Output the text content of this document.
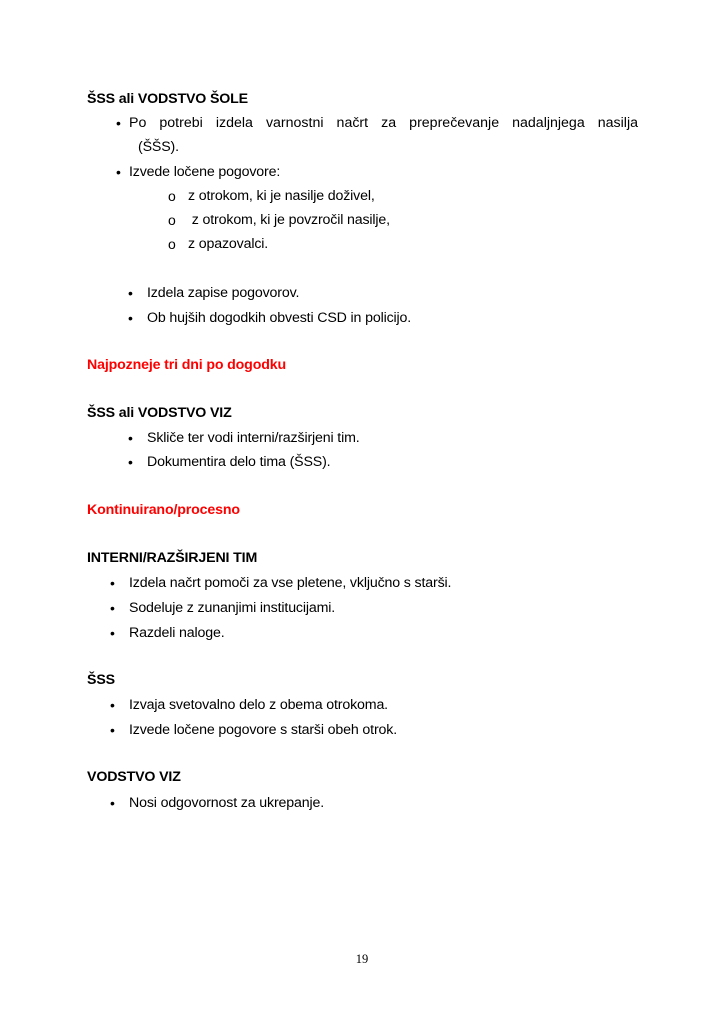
ŠSS ali VODSTVO ŠOLE
• Po potrebi izdela varnostni načrt za preprečevanje nadaljnjega nasilja
(ŠŠS).
• Izvede ločene pogovore:
o z otrokom, ki je nasilje doživel,
o z otrokom, ki je povzročil nasilje,
o z opazovalci.
• Izdela zapise pogovorov.
• Ob hujših dogodkih obvesti CSD in policijo.
Najpozneje tri dni po dogodku
ŠSS ali VODSTVO VIZ
• Skliče ter vodi interni/razširjeni tim.
• Dokumentira delo tima (ŠSS).
Kontinuirano/procesno
INTERNI/RAZŠIRJENI TIM
• Izdela načrt pomoči za vse pletene, vključno s starši.
• Sodeluje z zunanjimi institucijami.
• Razdeli naloge.
ŠSS
• Izvaja svetovalno delo z obema otrokoma.
• Izvede ločene pogovore s starši obeh otrok.
VODSTVO VIZ
• Nosi odgovornost za ukrepanje.
19
